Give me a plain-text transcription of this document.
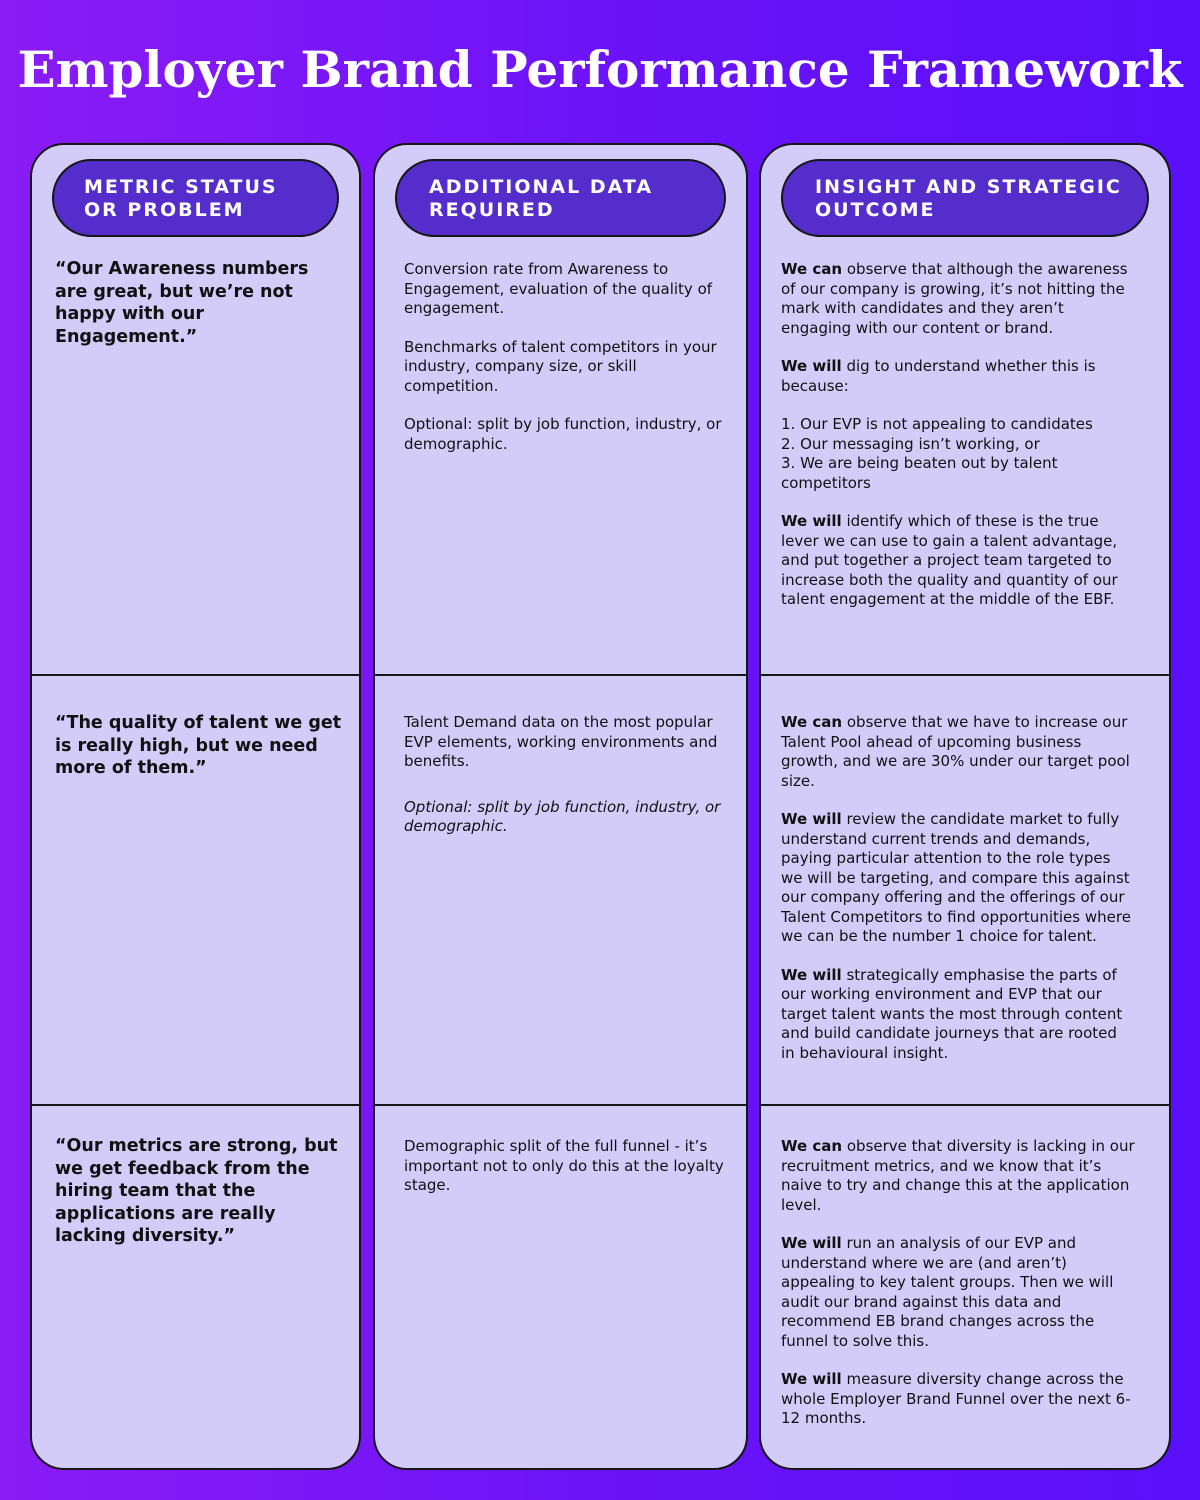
Employer Brand Performance Framework
METRIC STATUS
OR PROBLEM
“Our Awareness numbers are great, but we’re not happy with our Engagement.”
“The quality of talent we get is really high, but we need more of them.”
“Our metrics are strong, but we get feedback from the hiring team that the applications are really lacking diversity.”
ADDITIONAL DATA
REQUIRED

Conversion rate from Awareness to Engagement, evaluation of the quality of engagement.

Benchmarks of talent competitors in your industry, company size, or skill competition.

Optional: split by job function, industry, or demographic.

Talent Demand data on the most popular EVP elements, working environments and benefits.

Optional: split by job function, industry, or demographic.

Demographic split of the full funnel - it’s important not to only do this at the loyalty stage.

INSIGHT AND STRATEGIC
OUTCOME

We can observe that although the awareness of our company is growing, it’s not hitting the mark with candidates and they aren’t engaging with our content or brand.

We will dig to understand whether this is because:

1. Our EVP is not appealing to candidates
2. Our messaging isn’t working, or
3. We are being beaten out by talent competitors

We will identify which of these is the true lever we can use to gain a talent advantage, and put together a project team targeted to increase both the quality and quantity of our talent engagement at the middle of the EBF.

We can observe that we have to increase our Talent Pool ahead of upcoming business growth, and we are 30% under our target pool size.

We will review the candidate market to fully understand current trends and demands, paying particular attention to the role types we will be targeting, and compare this against our company offering and the offerings of our Talent Competitors to find opportunities where we can be the number 1 choice for talent.

We will strategically emphasise the parts of our working environment and EVP that our target talent wants the most through content and build candidate journeys that are rooted in behavioural insight.

We can observe that diversity is lacking in our recruitment metrics, and we know that it’s naive to try and change this at the application level.

We will run an analysis of our EVP and understand where we are (and aren’t) appealing to key talent groups. Then we will audit our brand against this data and recommend EB brand changes across the funnel to solve this.

We will measure diversity change across the whole Employer Brand Funnel over the next 6-12 months.
